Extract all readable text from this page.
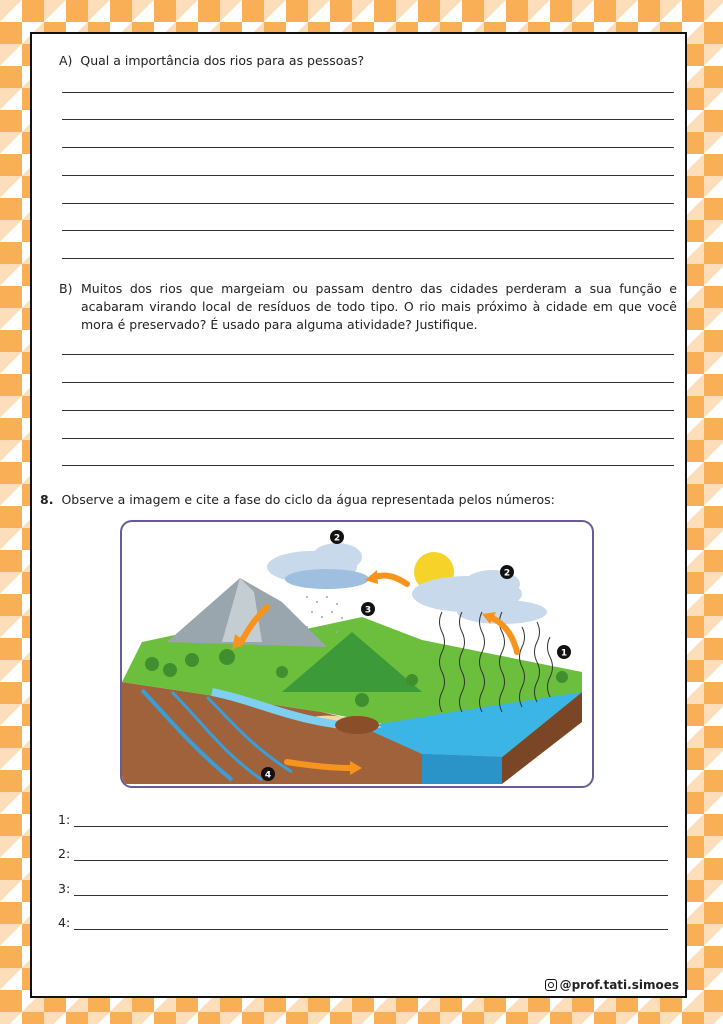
A) Qual a importância dos rios para as pessoas?
B) Muitos dos rios que margeiam ou passam dentro das cidades perderam a sua função e acabaram virando local de resíduos de todo tipo. O rio mais próximo à cidade em que você mora é preservado? É usado para alguma atividade? Justifique.
8. Observe a imagem e cite a fase do ciclo da água representada pelos números:
1
2
2
3
4
1:
2:
3:
4:
@prof.tati.simoes
